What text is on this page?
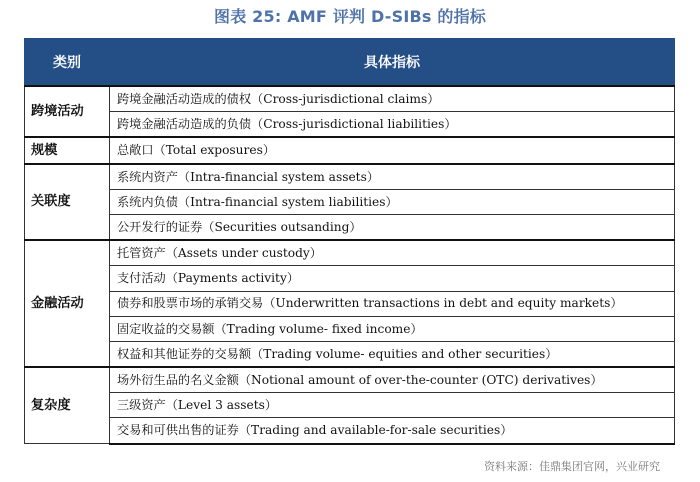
图表 25: AMF 评判 D-SIBs 的指标
类别	具体指标
跨境活动	跨境金融活动造成的债权（Cross-jurisdictional claims）
	跨境金融活动造成的负债（Cross-jurisdictional liabilities）
规模	总敞口（Total exposures）
关联度	系统内资产（Intra-financial system assets）
	系统内负债（Intra-financial system liabilities）
	公开发行的证券（Securities outsanding）
金融活动	托管资产（Assets under custody）
	支付活动（Payments activity）
	债券和股票市场的承销交易（Underwritten transactions in debt and equity markets）
	固定收益的交易额（Trading volume- fixed income）
	权益和其他证券的交易额（Trading volume- equities and other securities）
复杂度	场外衍生品的名义金额（Notional amount of over-the-counter (OTC) derivatives）
	三级资产（Level 3 assets）
	交易和可供出售的证券（Trading and available-for-sale securities）
资料来源：佳鼎集团官网，兴业研究
